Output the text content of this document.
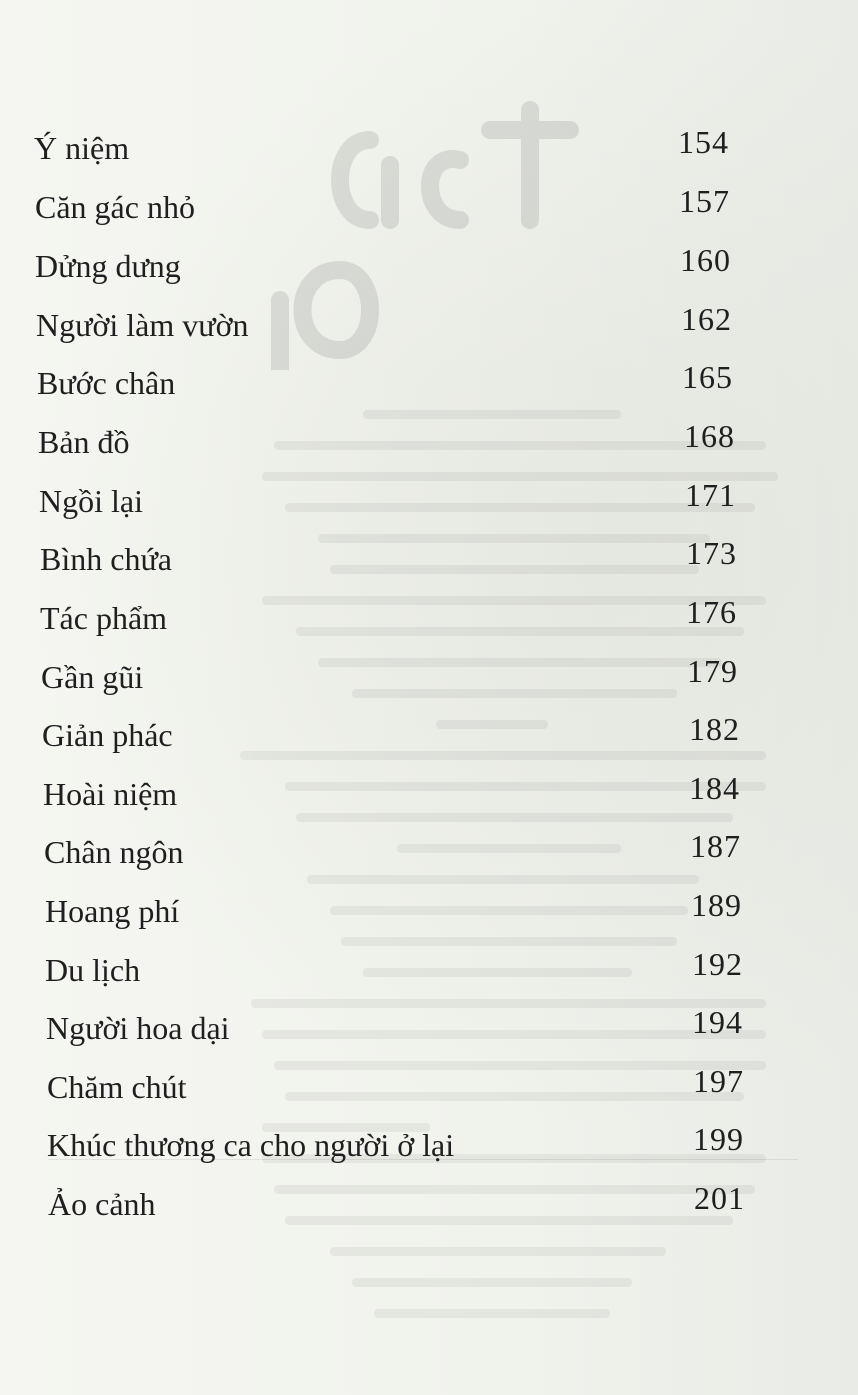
Ý niệm	154
Căn gác nhỏ	157
Dửng dưng	160
Người làm vườn	162
Bước chân	165
Bản đồ	168
Ngồi lại	171
Bình chứa	173
Tác phẩm	176
Gần gũi	179
Giản phác	182
Hoài niệm	184
Chân ngôn	187
Hoang phí	189
Du lịch	192
Người hoa dại	194
Chăm chút	197
Khúc thương ca cho người ở lại	199
Ảo cảnh	201
